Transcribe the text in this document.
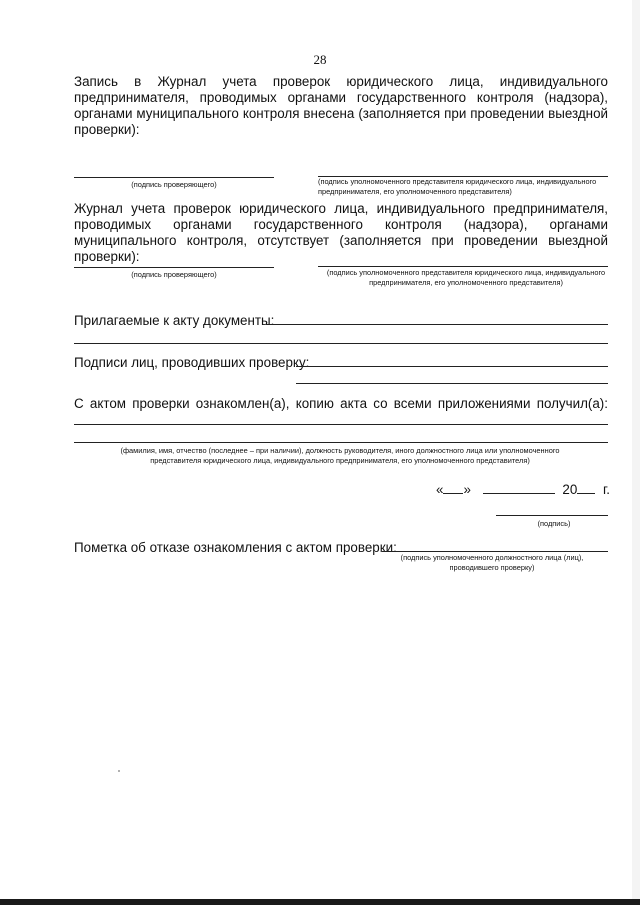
28
Запись в Журнал учета проверок юридического лица, индивидуального предпринимателя, проводимых органами государственного контроля (надзора), органами муниципального контроля внесена (заполняется при проведении выездной проверки):
(подпись проверяющего)	(подпись уполномоченного представителя юридического лица, индивидуального предпринимателя, его уполномоченного представителя)
Журнал учета проверок юридического лица, индивидуального предпринимателя, проводимых органами государственного контроля (надзора), органами муниципального контроля, отсутствует (заполняется при проведении выездной проверки):
(подпись проверяющего)	(подпись уполномоченного представителя юридического лица, индивидуального предпринимателя, его уполномоченного представителя)
Прилагаемые к акту документы:
Подписи лиц, проводивших проверку:
С актом проверки ознакомлен(а), копию акта со всеми приложениями получил(а):
(фамилия, имя, отчество (последнее – при наличии), должность руководителя, иного должностного лица или уполномоченного представителя юридического лица, индивидуального предпринимателя, его уполномоченного представителя)
« »	20 г.
(подпись)
Пометка об отказе ознакомления с актом проверки:
(подпись уполномоченного должностного лица (лиц), проводившего проверку)
